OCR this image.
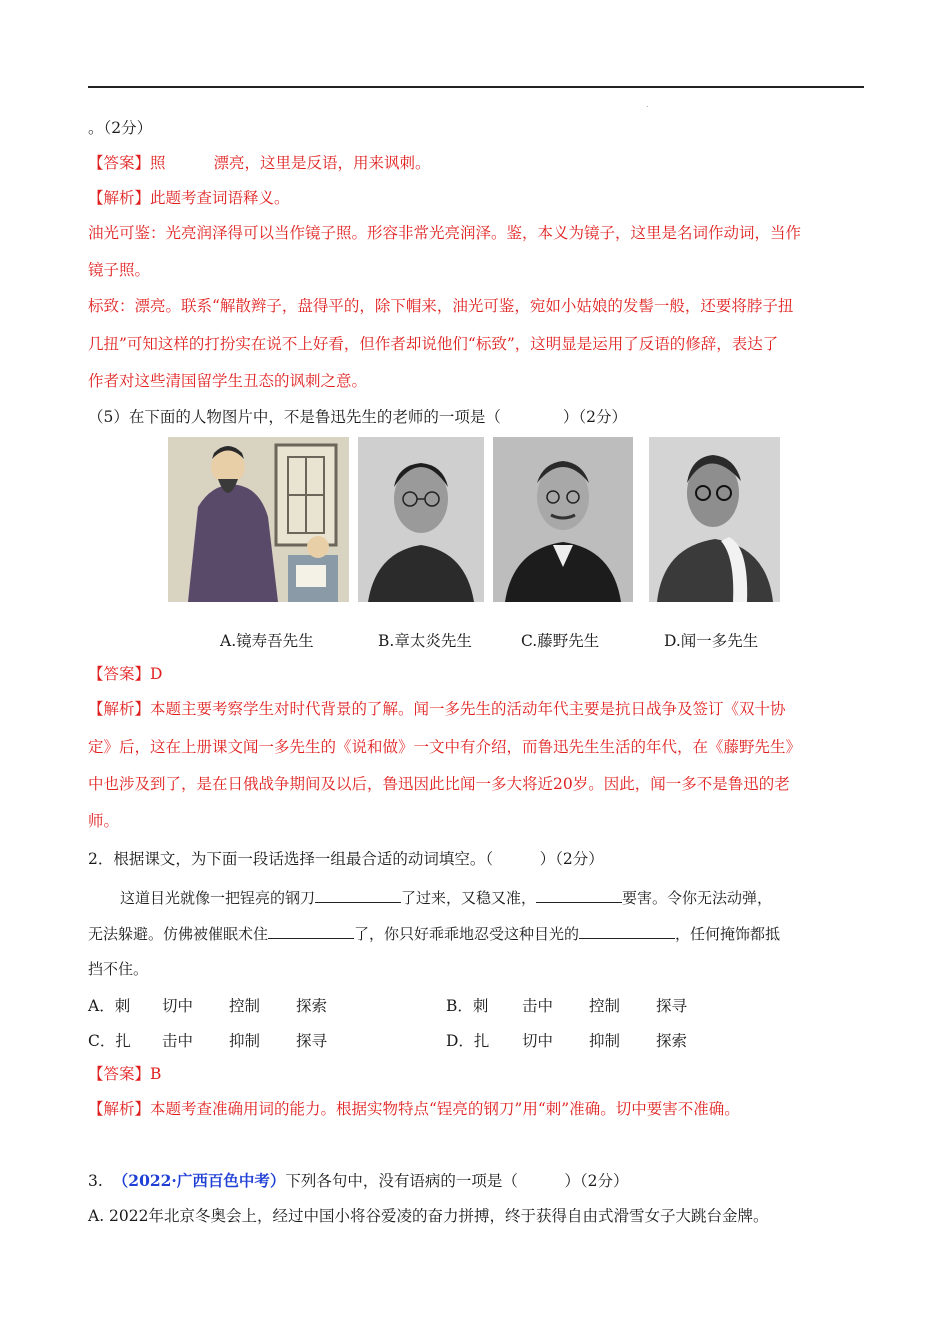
.
。（2分）
【答案】照	漂亮，这里是反语，用来讽刺。
【解析】此题考查词语释义。
油光可鉴：光亮润泽得可以当作镜子照。形容非常光亮润泽。鉴，本义为镜子，这里是名词作动词，当作
镜子照。
标致：漂亮。联系“解散辫子，盘得平的，除下帽来，油光可鉴，宛如小姑娘的发髻一般，还要将脖子扭
几扭”可知这样的打扮实在说不上好看，但作者却说他们“标致”，这明显是运用了反语的修辞，表达了
作者对这些清国留学生丑态的讽刺之意。
（5）在下面的人物图片中，不是鲁迅先生的老师的一项是（　　　　）（2分）
A.镜寿吾先生	B.章太炎先生	C.藤野先生	D.闻一多先生
【答案】D
【解析】本题主要考察学生对时代背景的了解。闻一多先生的活动年代主要是抗日战争及签订《双十协
定》后，这在上册课文闻一多先生的《说和做》一文中有介绍，而鲁迅先生生活的年代，在《藤野先生》
中也涉及到了，是在日俄战争期间及以后，鲁迅因此比闻一多大将近20岁。因此，闻一多不是鲁迅的老
师。
2．根据课文，为下面一段话选择一组最合适的动词填空。（　　　）（2分）
这道目光就像一把锃亮的钢刀	了过来，又稳又准，	要害。令你无法动弹，
无法躲避。仿佛被催眠术住	了，你只好乖乖地忍受这种目光的	，任何掩饰都抵
挡不住。
A．刺 切中 控制 探索	B．刺 击中 控制 探寻
C．扎 击中 抑制 探寻	D．扎 切中 抑制 探索
【答案】B
【解析】本题考查准确用词的能力。根据实物特点“锃亮的钢刀”用“刺”准确。切中要害不准确。
3. （2022·广西百色中考）下列各句中，没有语病的一项是（　　　）（2分）
A. 2022年北京冬奥会上，经过中国小将谷爱凌的奋力拼搏，终于获得自由式滑雪女子大跳台金牌。
